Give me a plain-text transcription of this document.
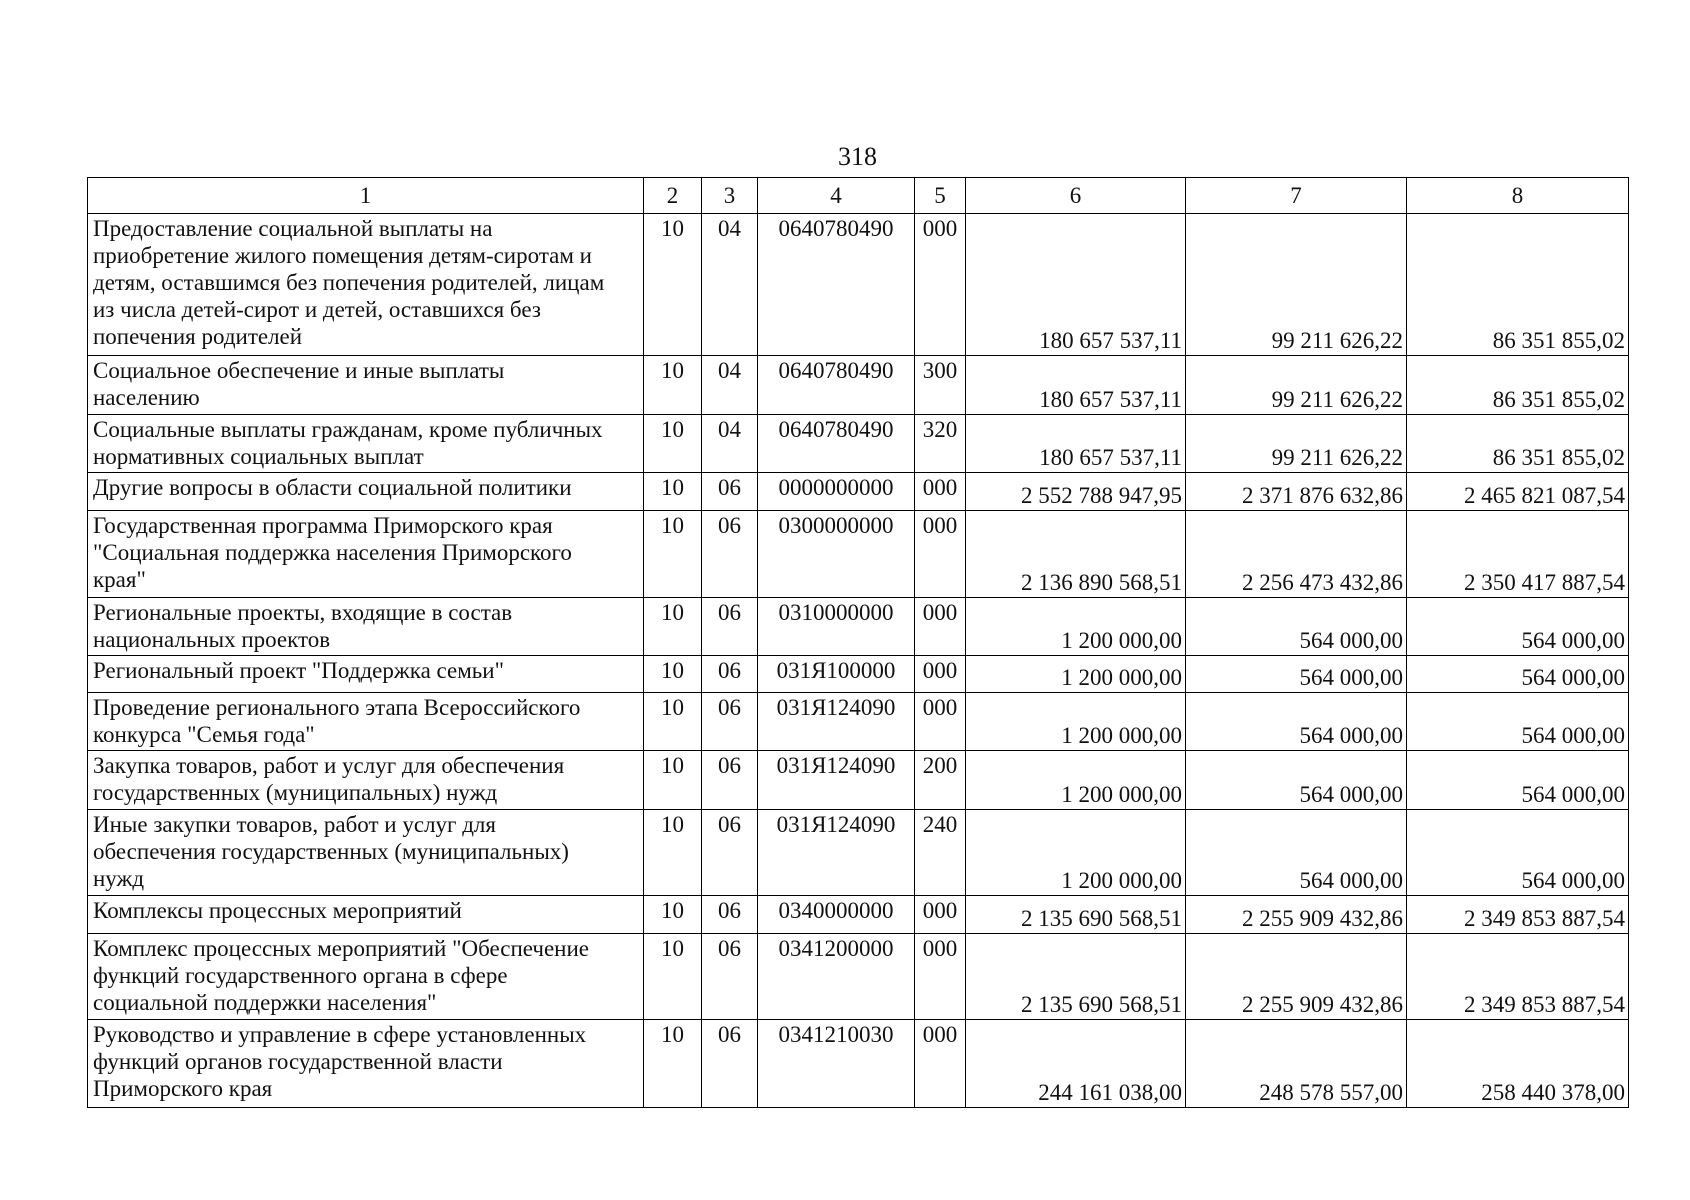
318
1	2	3	4	5	6	7	8
Предоставление социальной выплаты на
приобретение жилого помещения детям-сиротам и
детям, оставшимся без попечения родителей, лицам
из числа детей-сирот и детей, оставшихся без
попечения родителей	10	04	0640780490	000	180 657 537,11	99 211 626,22	86 351 855,02
Социальное обеспечение и иные выплаты
населению	10	04	0640780490	300	180 657 537,11	99 211 626,22	86 351 855,02
Социальные выплаты гражданам, кроме публичных
нормативных социальных выплат	10	04	0640780490	320	180 657 537,11	99 211 626,22	86 351 855,02
Другие вопросы в области социальной политики	10	06	0000000000	000	2 552 788 947,95	2 371 876 632,86	2 465 821 087,54
Государственная программа Приморского края
"Социальная поддержка населения Приморского
края"	10	06	0300000000	000	2 136 890 568,51	2 256 473 432,86	2 350 417 887,54
Региональные проекты, входящие в состав
национальных проектов	10	06	0310000000	000	1 200 000,00	564 000,00	564 000,00
Региональный проект "Поддержка семьи"	10	06	031Я100000	000	1 200 000,00	564 000,00	564 000,00
Проведение регионального этапа Всероссийского
конкурса "Семья года"	10	06	031Я124090	000	1 200 000,00	564 000,00	564 000,00
Закупка товаров, работ и услуг для обеспечения
государственных (муниципальных) нужд	10	06	031Я124090	200	1 200 000,00	564 000,00	564 000,00
Иные закупки товаров, работ и услуг для
обеспечения государственных (муниципальных)
нужд	10	06	031Я124090	240	1 200 000,00	564 000,00	564 000,00
Комплексы процессных мероприятий	10	06	0340000000	000	2 135 690 568,51	2 255 909 432,86	2 349 853 887,54
Комплекс процессных мероприятий "Обеспечение
функций государственного органа в сфере
социальной поддержки населения"	10	06	0341200000	000	2 135 690 568,51	2 255 909 432,86	2 349 853 887,54
Руководство и управление в сфере установленных
функций органов государственной власти
Приморского края	10	06	0341210030	000	244 161 038,00	248 578 557,00	258 440 378,00
